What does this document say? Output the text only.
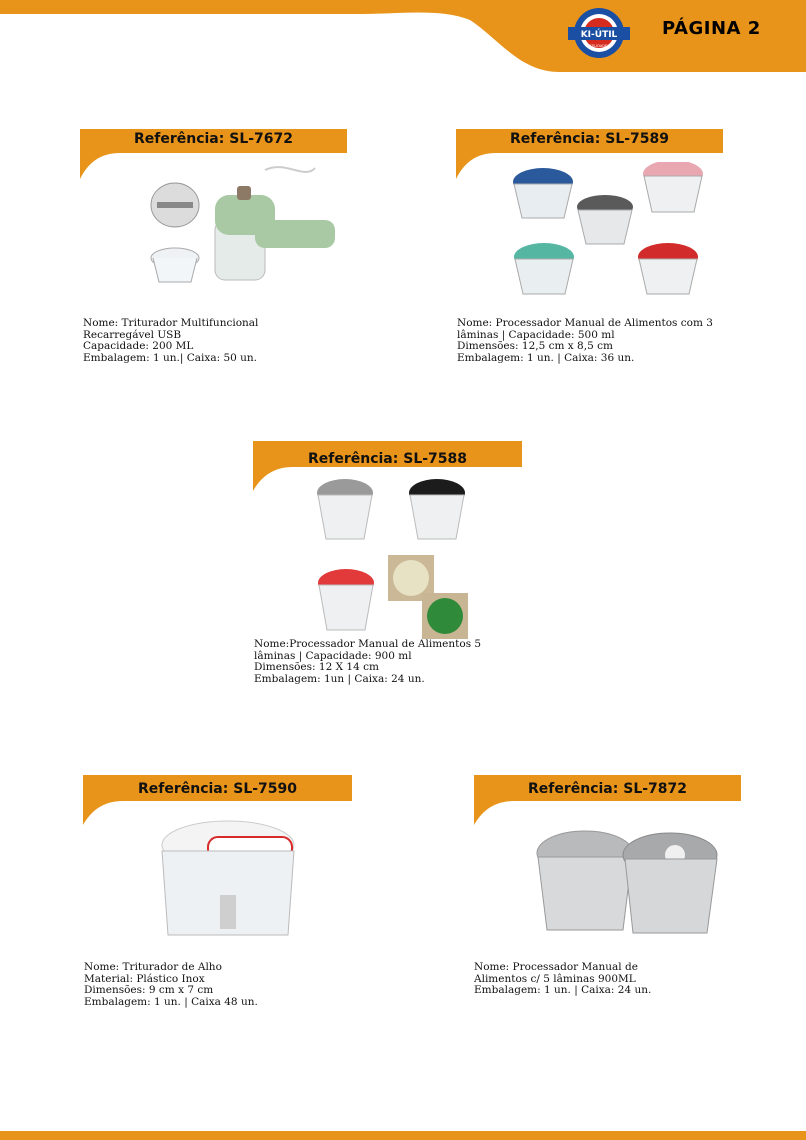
KI-ÚTIL
UTILIDADES
PÁGINA 2
Referência: SL-7672
Nome: Triturador Multifuncional
Recarregável USB
Capacidade: 200 ML
Embalagem: 1 un.| Caixa: 50 un.
Referência: SL-7589
Nome: Processador Manual de Alimentos com 3
lâminas | Capacidade: 500 ml
Dimensões: 12,5 cm x 8,5 cm
Embalagem: 1 un. | Caixa: 36 un.
Referência: SL-7588
Nome:Processador Manual de Alimentos 5
lâminas | Capacidade: 900 ml
Dimensões: 12 X 14 cm
Embalagem: 1un | Caixa: 24 un.
Referência: SL-7590
Nome: Triturador de Alho
Material: Plástico Inox
Dimensões: 9 cm x 7 cm
Embalagem: 1 un. | Caixa 48 un.
Referência: SL-7872
Nome: Processador Manual de
Alimentos c/ 5 lâminas 900ML
Embalagem: 1 un. | Caixa: 24 un.
